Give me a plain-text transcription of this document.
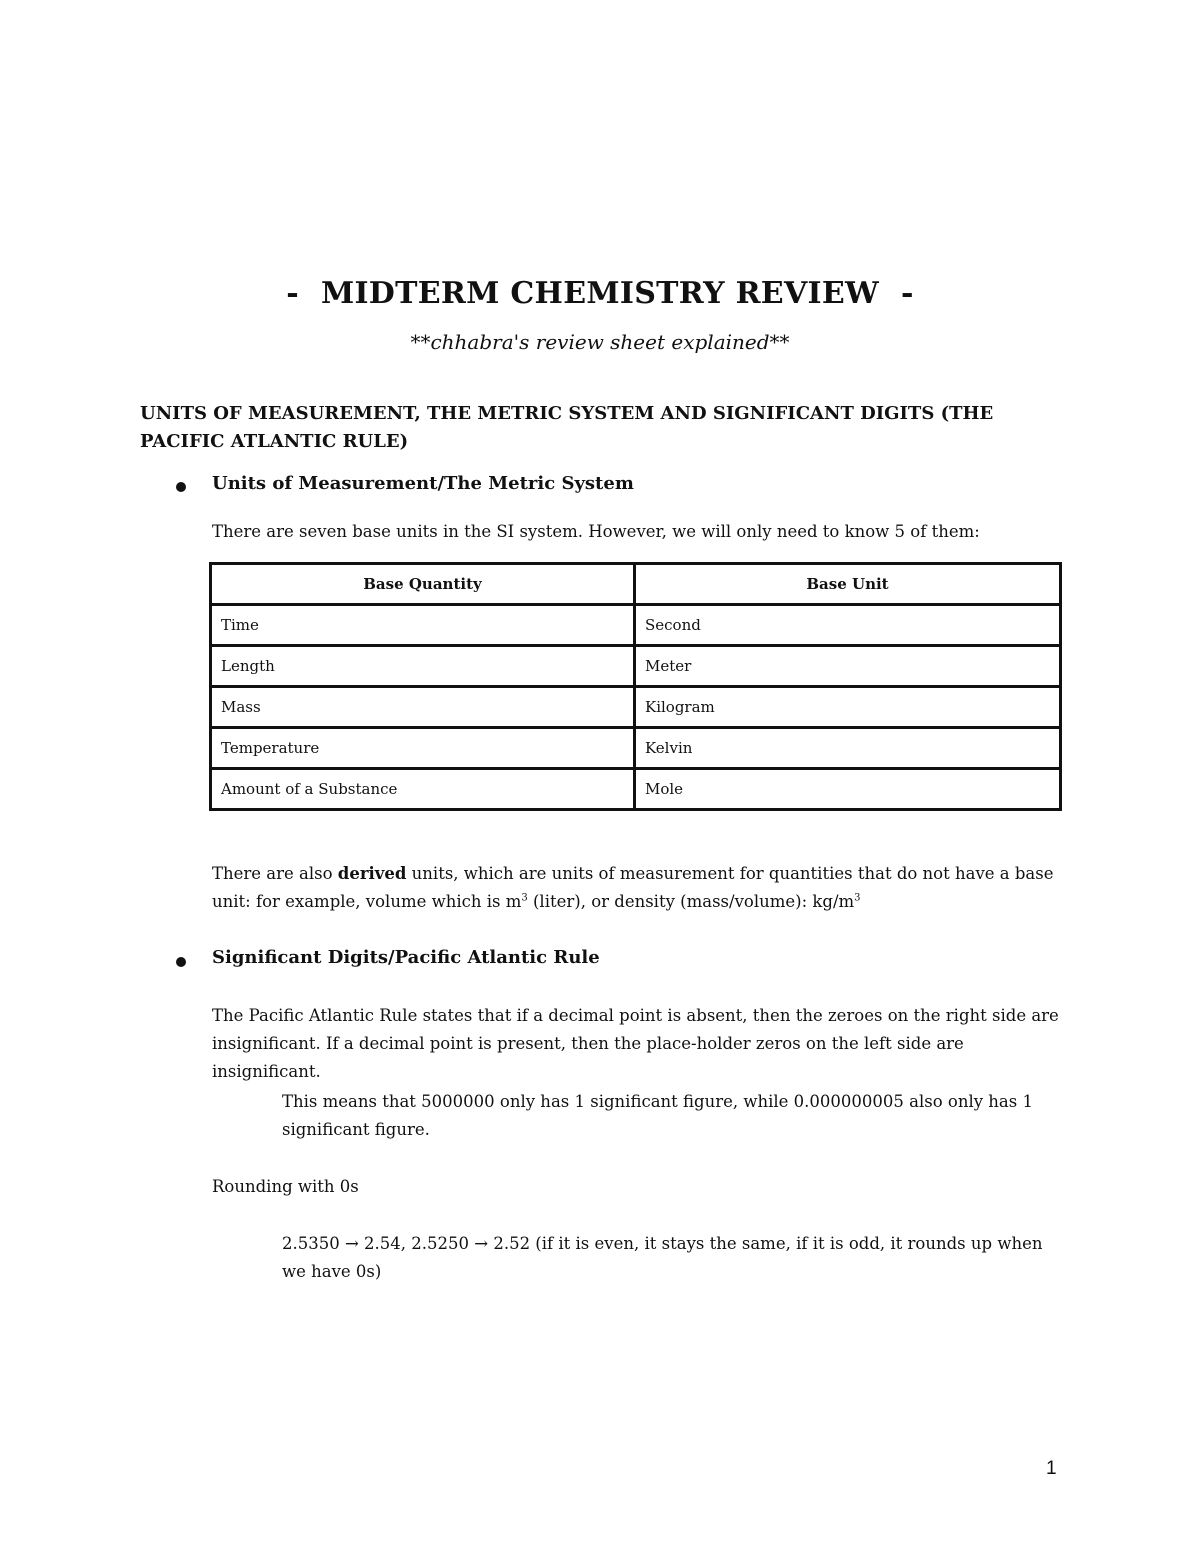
- MIDTERM CHEMISTRY REVIEW -
**chhabra's review sheet explained**
UNITS OF MEASUREMENT, THE METRIC SYSTEM AND SIGNIFICANT DIGITS (THE PACIFIC ATLANTIC RULE)
Units of Measurement/The Metric System
There are seven base units in the SI system. However, we will only need to know 5 of them:
Base Quantity	Base Unit
Time	Second
Length	Meter
Mass	Kilogram
Temperature	Kelvin
Amount of a Substance	Mole
There are also derived units, which are units of measurement for quantities that do not have a base unit: for example, volume which is $m^3$ (liter), or density (mass/volume): $kg/m^3$
Significant Digits/Pacific Atlantic Rule
The Pacific Atlantic Rule states that if a decimal point is absent, then the zeroes on the right side are insignificant. If a decimal point is present, then the place-holder zeros on the left side are insignificant.
This means that 5000000 only has 1 significant figure, while 0.000000005 also only has 1 significant figure.
Rounding with 0s
2.5350 → 2.54, 2.5250 → 2.52 (if it is even, it stays the same, if it is odd, it rounds up when we have 0s)
1
